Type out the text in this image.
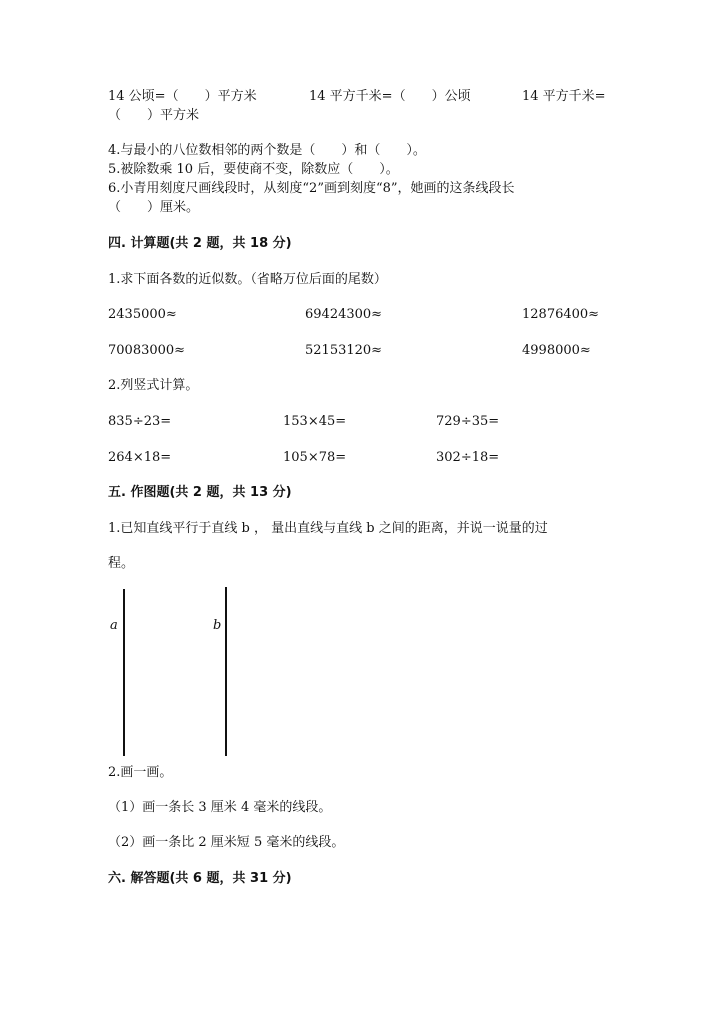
14 公顷=（　　）平方米	14 平方千米=（　　）公顷	14 平方千米=
（　　）平方米
4.与最小的八位数相邻的两个数是（　　）和（　　）。
5.被除数乘 10 后，要使商不变，除数应（　　）。
6.小青用刻度尺画线段时，从刻度“2”画到刻度“8”，她画的这条线段长
（　　）厘米。
四. 计算题(共 2 题，共 18 分)
1.求下面各数的近似数。（省略万位后面的尾数）
2435000≈	69424300≈	12876400≈
70083000≈	52153120≈	4998000≈
2.列竖式计算。
835÷23=	153×45=	729÷35=
264×18=	105×78=	302÷18=
五. 作图题(共 2 题，共 13 分)
1.已知直线平行于直线 b ， 量出直线与直线 b 之间的距离，并说一说量的过
程。
a	b
2.画一画。
（1）画一条长 3 厘米 4 毫米的线段。
（2）画一条比 2 厘米短 5 毫米的线段。
六. 解答题(共 6 题，共 31 分)
